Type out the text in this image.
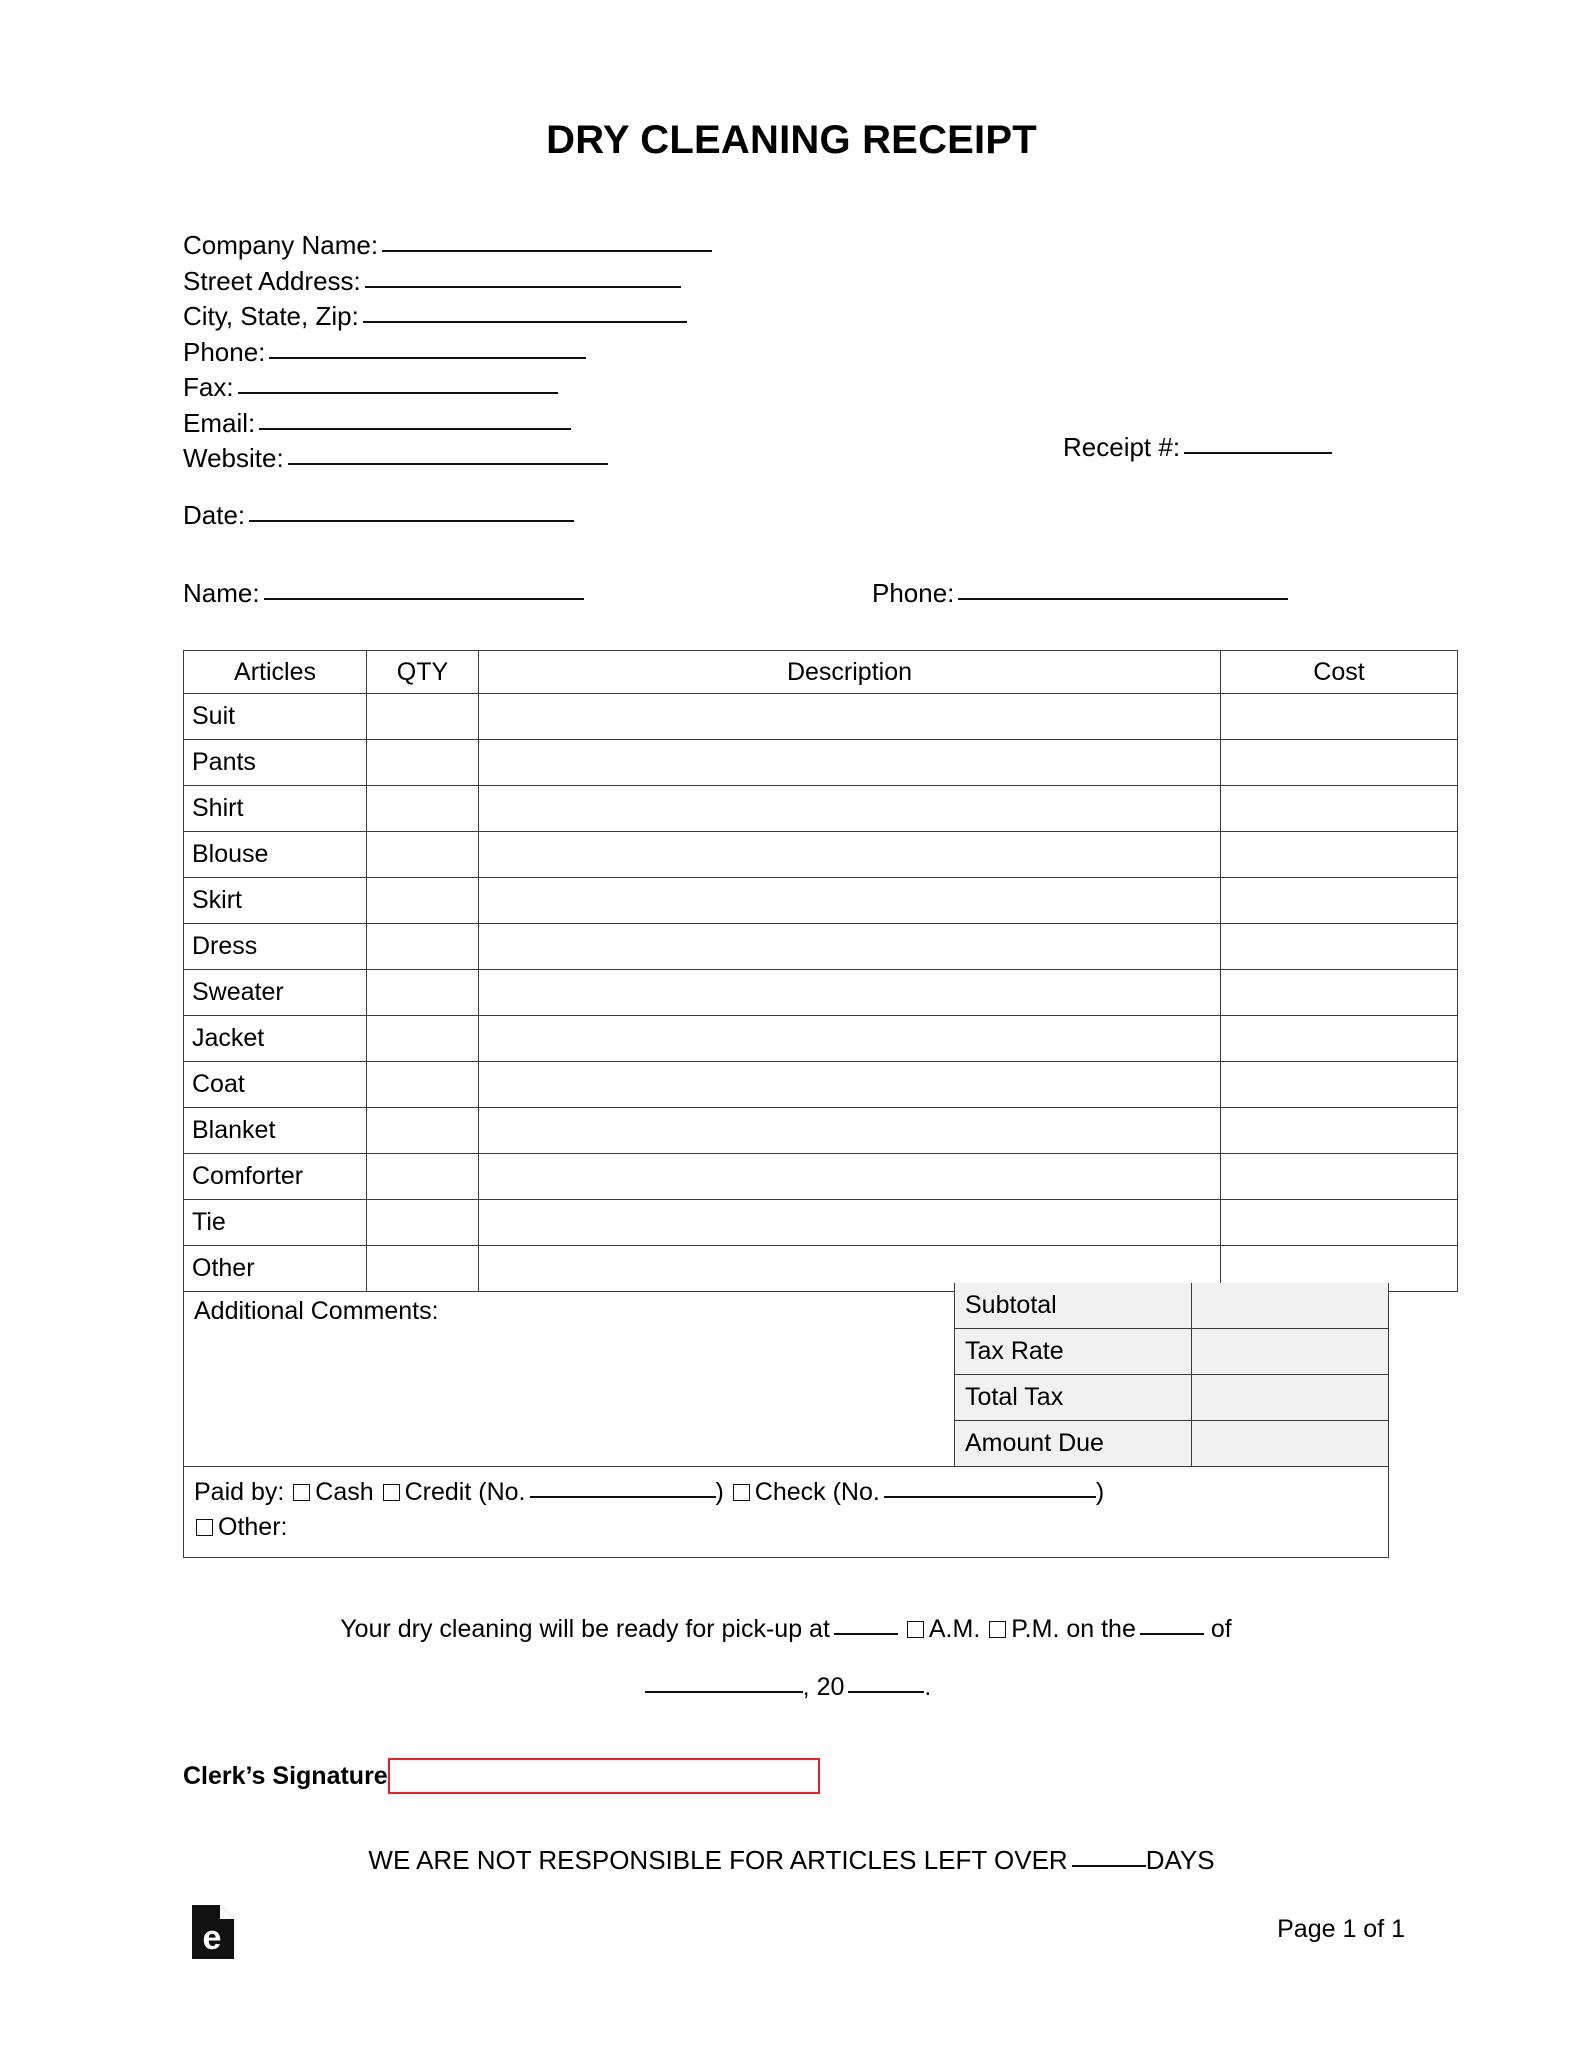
DRY CLEANING RECEIPT
Company Name:
Street Address:
City, State, Zip:
Phone:
Fax:
Email:
Website:	Receipt #:
Date:
Name:	Phone:
Articles	QTY	Description	Cost
Suit			
Pants			
Shirt			
Blouse			
Skirt			
Dress			
Sweater			
Jacket			
Coat			
Blanket			
Comforter			
Tie			
Other			
Additional Comments:	Subtotal	
Tax Rate	
Total Tax	
Amount Due	
Paid by: Cash Credit (No.	) Check (No.	)
Other:
Your dry cleaning will be ready for pick-up at	A.M. P.M. on the	of
, 20	.
Clerk’s Signature
WE ARE NOT RESPONSIBLE FOR ARTICLES LEFT OVER	DAYS
e	Page 1 of 1
